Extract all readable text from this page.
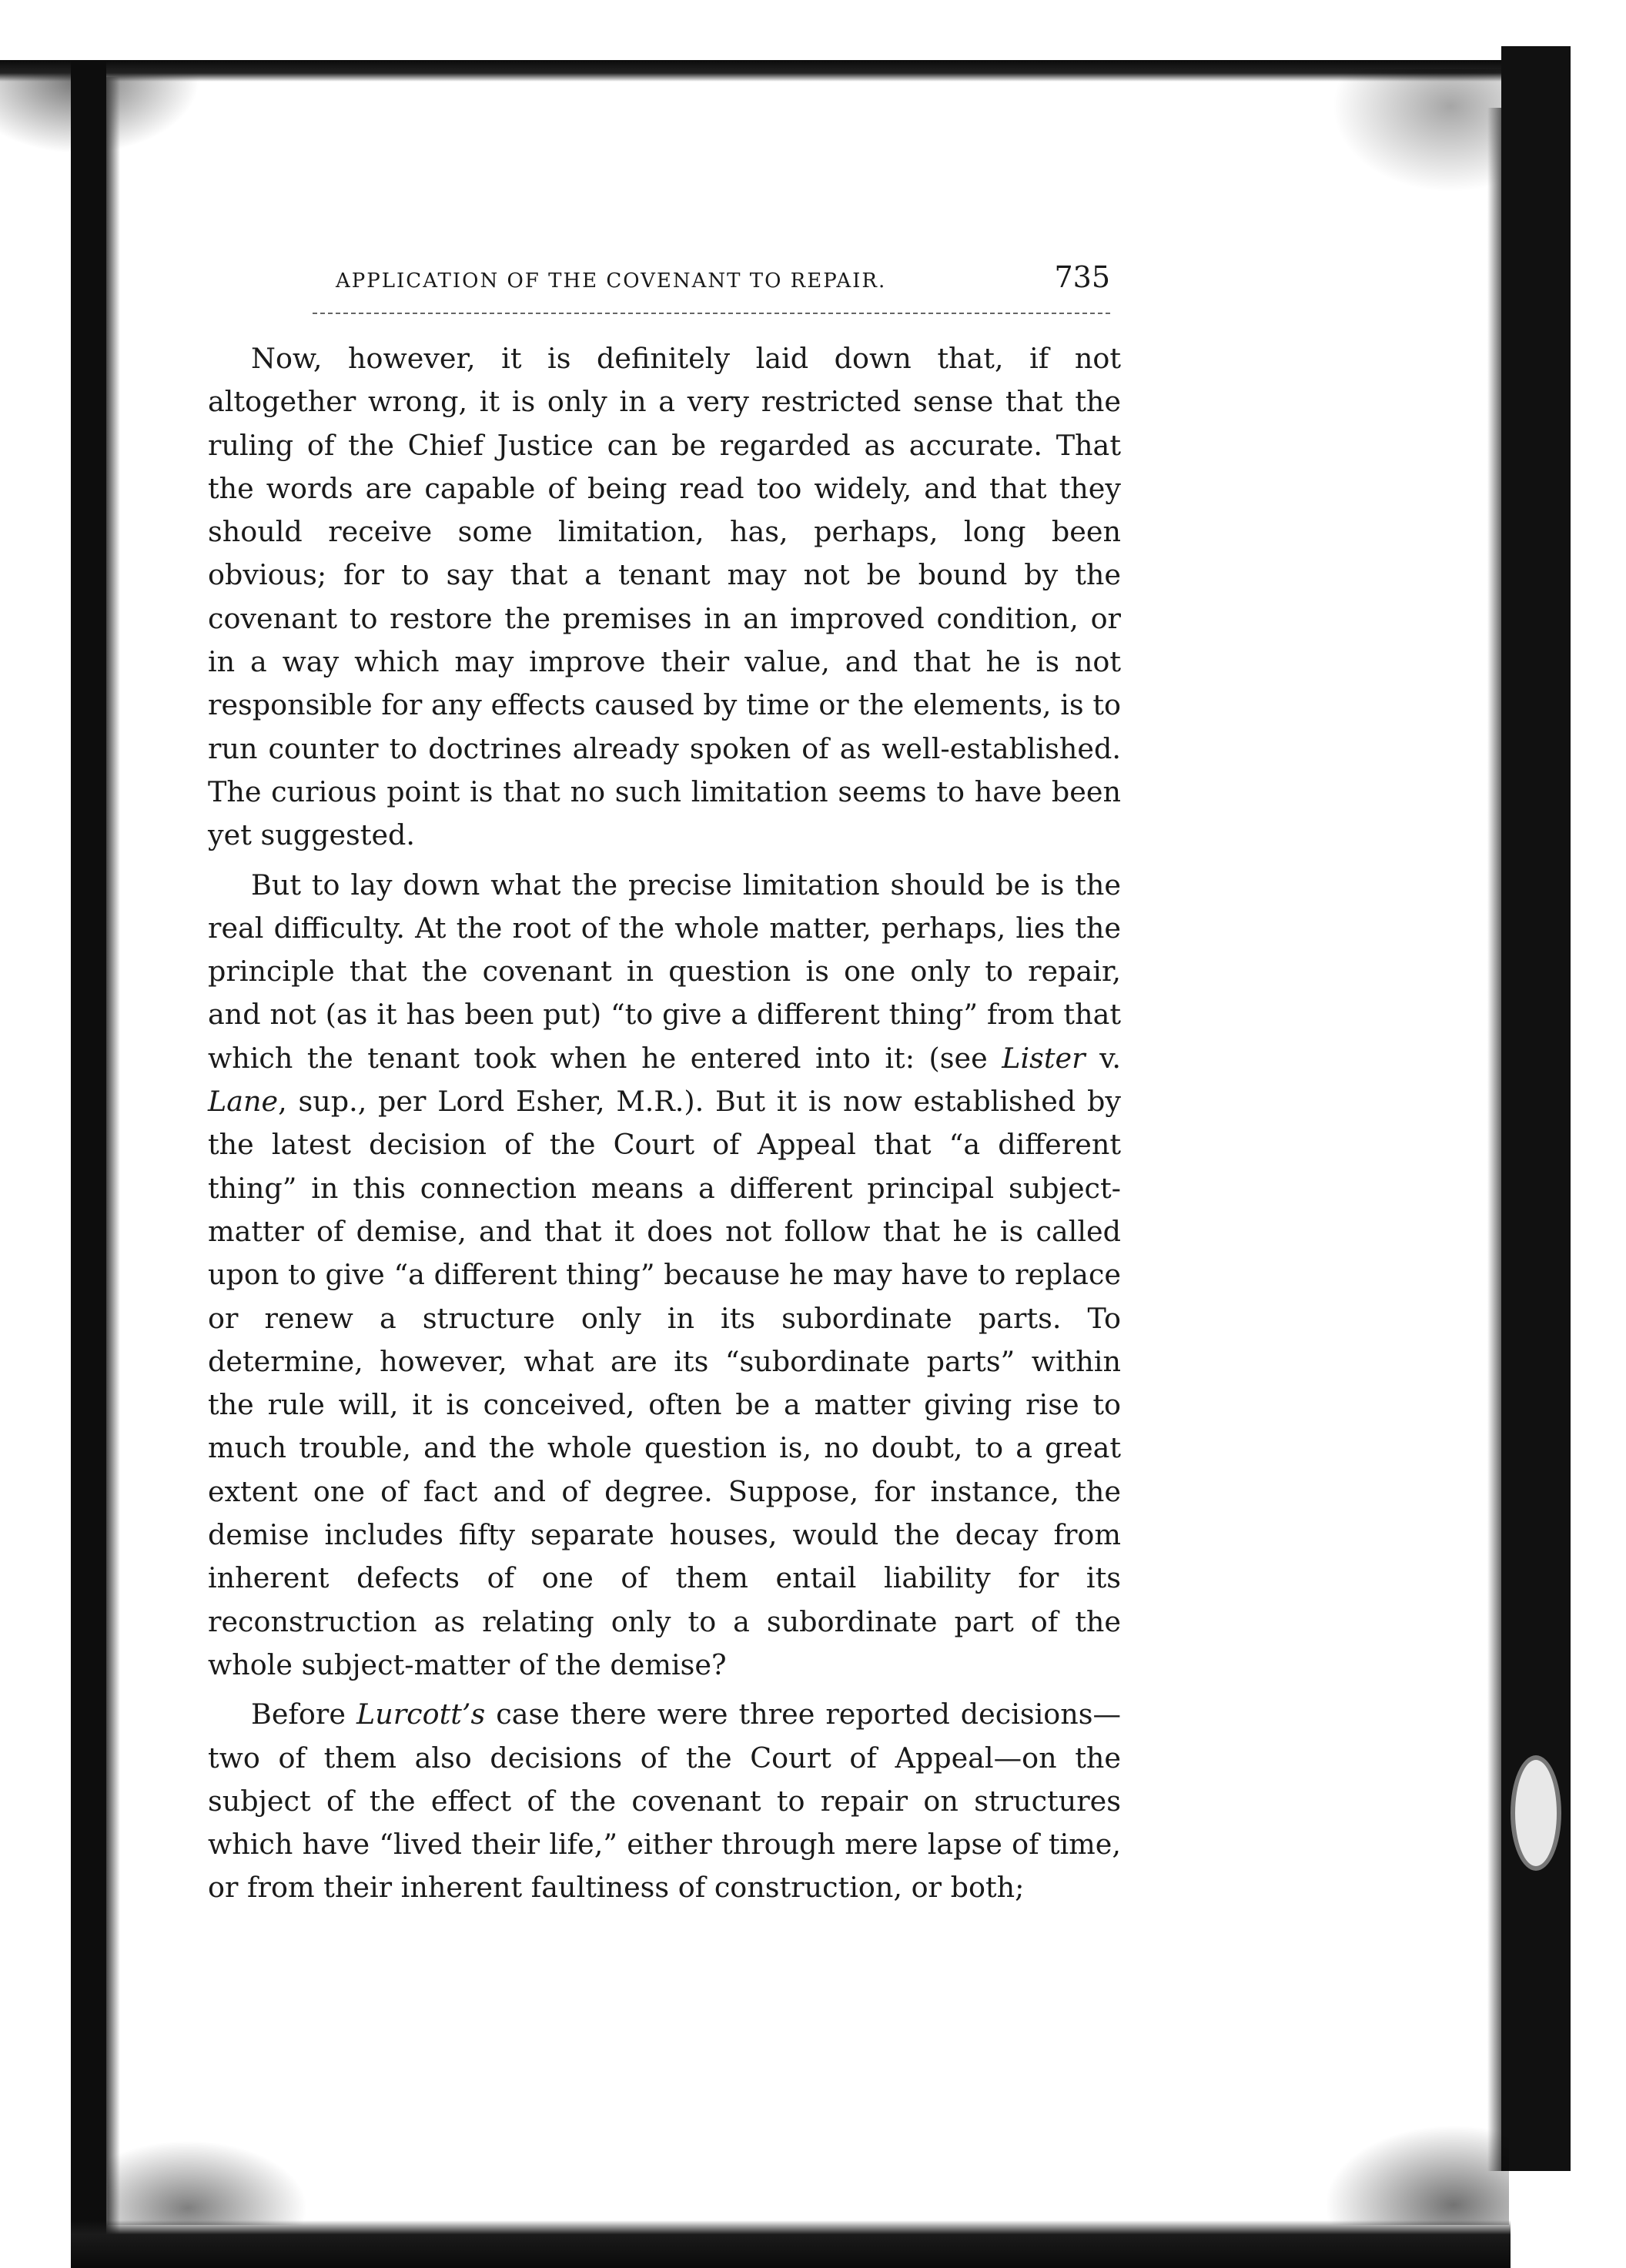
APPLICATION OF THE COVENANT TO REPAIR.	735

Now, however, it is definitely laid down that, if not altogether wrong, it is only in a very restricted sense that the ruling of the Chief Justice can be regarded as accurate. That the words are capable of being read too widely, and that they should receive some limitation, has, perhaps, long been obvious; for to say that a tenant may not be bound by the covenant to restore the premises in an improved condition, or in a way which may improve their value, and that he is not responsible for any effects caused by time or the elements, is to run counter to doctrines already spoken of as well-established. The curious point is that no such limitation seems to have been yet suggested.

But to lay down what the precise limitation should be is the real difficulty. At the root of the whole matter, perhaps, lies the principle that the covenant in question is one only to repair, and not (as it has been put) “to give a different thing” from that which the tenant took when he entered into it: (see Lister v. Lane, sup., per Lord Esher, M.R.). But it is now established by the latest decision of the Court of Appeal that “a different thing” in this connection means a different principal subject-matter of demise, and that it does not follow that he is called upon to give “a different thing” because he may have to replace or renew a structure only in its subordinate parts. To determine, however, what are its “subordinate parts” within the rule will, it is conceived, often be a matter giving rise to much trouble, and the whole question is, no doubt, to a great extent one of fact and of degree. Suppose, for instance, the demise includes fifty separate houses, would the decay from inherent defects of one of them entail liability for its reconstruction as relating only to a subordinate part of the whole subject-matter of the demise?

Before Lurcott’s case there were three reported decisions—two of them also decisions of the Court of Appeal—on the subject of the effect of the covenant to repair on structures which have “lived their life,” either through mere lapse of time, or from their inherent faultiness of construction, or both;
